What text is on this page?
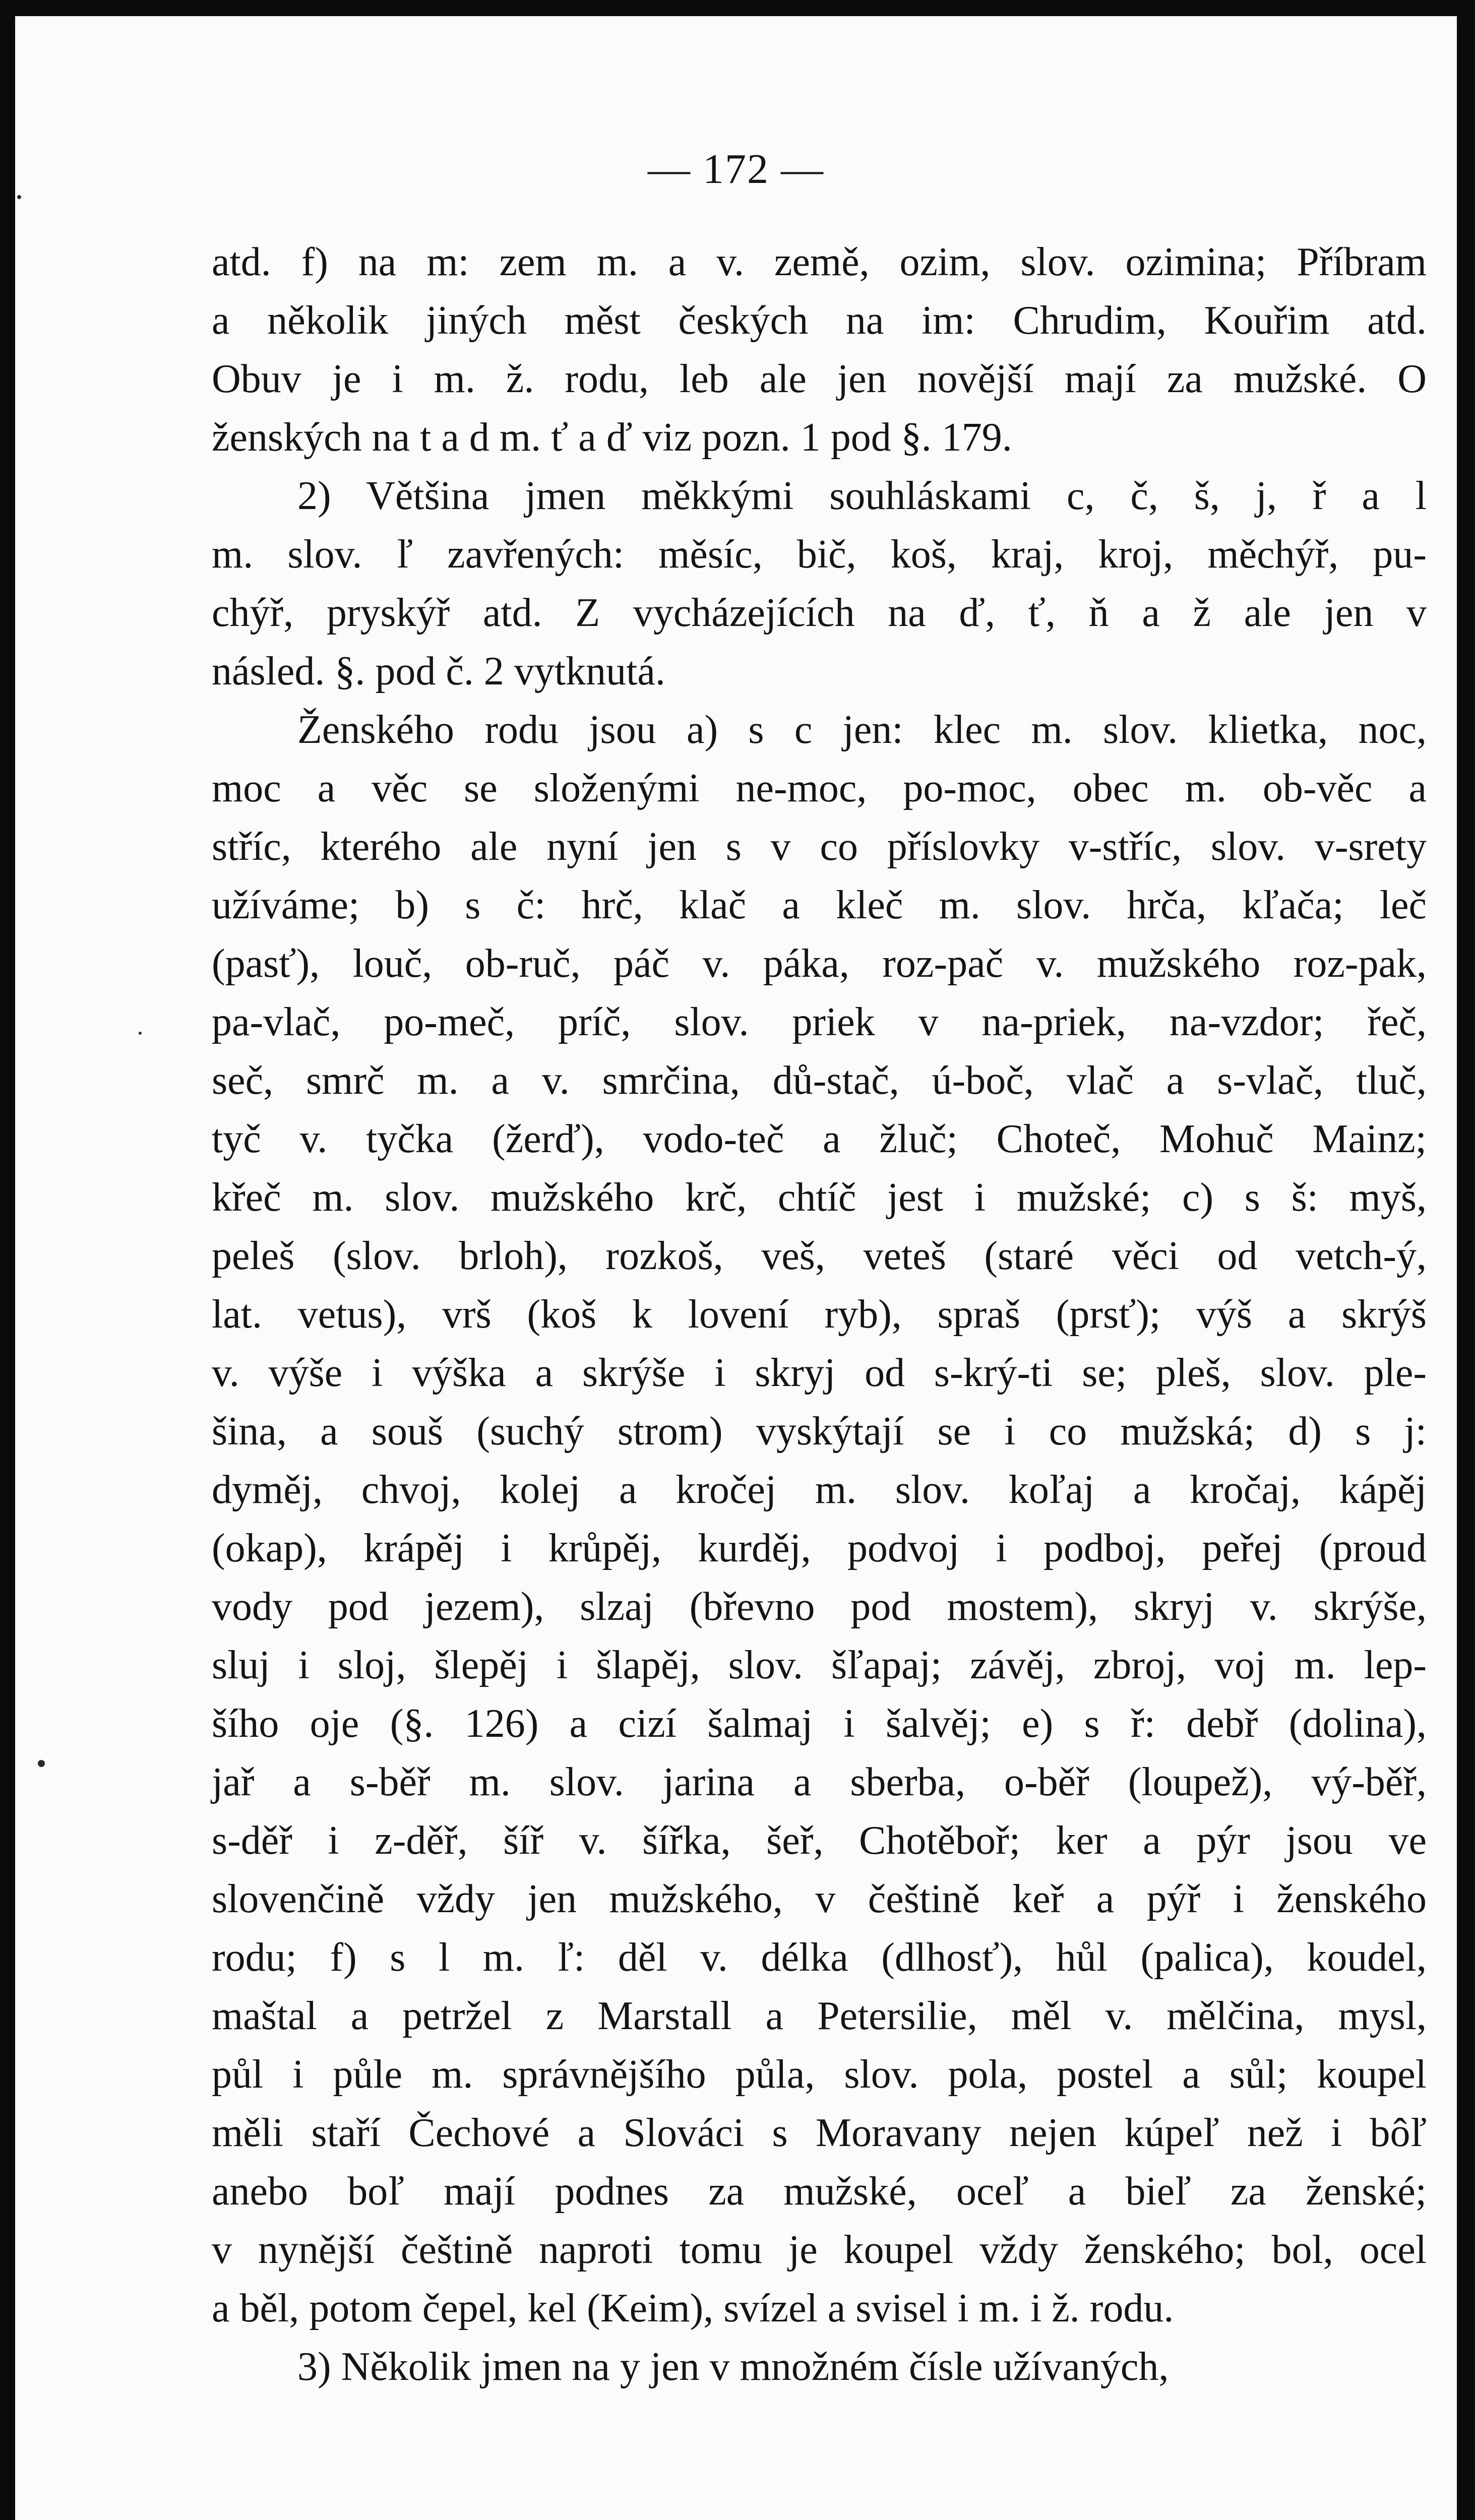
— 172 —
atd. f) na m: zem m. a v. země, ozim, slov. ozimina; Příbram
a několik jiných měst českých na im: Chrudim, Kouřim atd.
Obuv je i m. ž. rodu, leb ale jen novější mají za mužské. O
ženských na t a d m. ť a ď viz pozn. 1 pod §. 179.
2) Většina jmen měkkými souhláskami c, č, š, j, ř a l
m. slov. ľ zavřených: měsíc, bič, koš, kraj, kroj, měchýř, pu-
chýř, pryskýř atd. Z vycházejících na ď, ť, ň a ž ale jen v
násled. §. pod č. 2 vytknutá.
Ženského rodu jsou a) s c jen: klec m. slov. klietka, noc,
moc a věc se složenými ne-moc, po-moc, obec m. ob-věc a
stříc, kterého ale nyní jen s v co příslovky v-stříc, slov. v-srety
užíváme; b) s č: hrč, klač a kleč m. slov. hrča, kľača; leč
(pasť), louč, ob-ruč, páč v. páka, roz-pač v. mužského roz-pak,
pa-vlač, po-meč, príč, slov. priek v na-priek, na-vzdor; řeč,
seč, smrč m. a v. smrčina, dů-stač, ú-boč, vlač a s-vlač, tluč,
tyč v. tyčka (žerď), vodo-teč a žluč; Choteč, Mohuč Mainz;
křeč m. slov. mužského krč, chtíč jest i mužské; c) s š: myš,
peleš (slov. brloh), rozkoš, veš, veteš (staré věci od vetch-ý,
lat. vetus), vrš (koš k lovení ryb), spraš (prsť); výš a skrýš
v. výše i výška a skrýše i skryj od s-krý-ti se; pleš, slov. ple-
šina, a souš (suchý strom) vyskýtají se i co mužská; d) s j:
dyměj, chvoj, kolej a kročej m. slov. koľaj a kročaj, kápěj
(okap), krápěj i krůpěj, kurděj, podvoj i podboj, peřej (proud
vody pod jezem), slzaj (břevno pod mostem), skryj v. skrýše,
sluj i sloj, šlepěj i šlapěj, slov. šľapaj; závěj, zbroj, voj m. lep-
šího oje (§. 126) a cizí šalmaj i šalvěj; e) s ř: debř (dolina),
jař a s-běř m. slov. jarina a sberba, o-běř (loupež), vý-běř,
s-děř i z-děř, šíř v. šířka, šeř, Chotěboř; ker a pýr jsou ve
slovenčině vždy jen mužského, v češtině keř a pýř i ženského
rodu; f) s l m. ľ: děl v. délka (dlhosť), hůl (palica), koudel,
maštal a petržel z Marstall a Petersilie, měl v. mělčina, mysl,
půl i půle m. správnějšího půla, slov. pola, postel a sůl; koupel
měli staří Čechové a Slováci s Moravany nejen kúpeľ než i bôľ
anebo boľ mají podnes za mužské, oceľ a bieľ za ženské;
v nynější češtině naproti tomu je koupel vždy ženského; bol, ocel
a běl, potom čepel, kel (Keim), svízel a svisel i m. i ž. rodu.
3) Několik jmen na y jen v množném čísle užívaných,
